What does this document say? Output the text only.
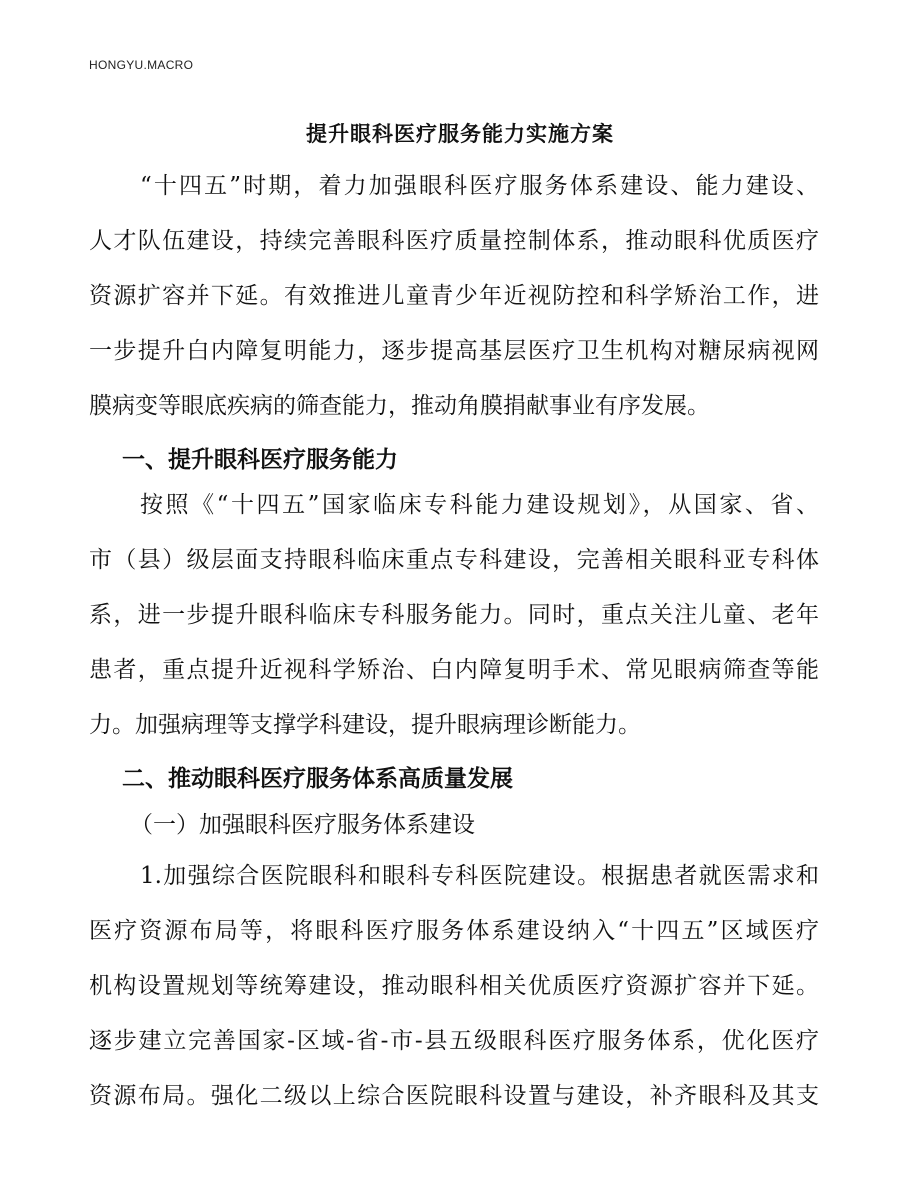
HONGYU.MACRO
提升眼科医疗服务能力实施方案
“十四五”时期，着力加强眼科医疗服务体系建设、能力建设、
人才队伍建设，持续完善眼科医疗质量控制体系，推动眼科优质医疗
资源扩容并下延。有效推进儿童青少年近视防控和科学矫治工作，进
一步提升白内障复明能力，逐步提高基层医疗卫生机构对糖尿病视网
膜病变等眼底疾病的筛查能力，推动角膜捐献事业有序发展。
一、提升眼科医疗服务能力
按照《“十四五”国家临床专科能力建设规划》，从国家、省、
市（县）级层面支持眼科临床重点专科建设，完善相关眼科亚专科体
系，进一步提升眼科临床专科服务能力。同时，重点关注儿童、老年
患者，重点提升近视科学矫治、白内障复明手术、常见眼病筛查等能
力。加强病理等支撑学科建设，提升眼病理诊断能力。
二、推动眼科医疗服务体系高质量发展
（一）加强眼科医疗服务体系建设
1.加强综合医院眼科和眼科专科医院建设。根据患者就医需求和
医疗资源布局等，将眼科医疗服务体系建设纳入“十四五”区域医疗
机构设置规划等统筹建设，推动眼科相关优质医疗资源扩容并下延。
逐步建立完善国家-区域-省-市-县五级眼科医疗服务体系，优化医疗
资源布局。强化二级以上综合医院眼科设置与建设，补齐眼科及其支
